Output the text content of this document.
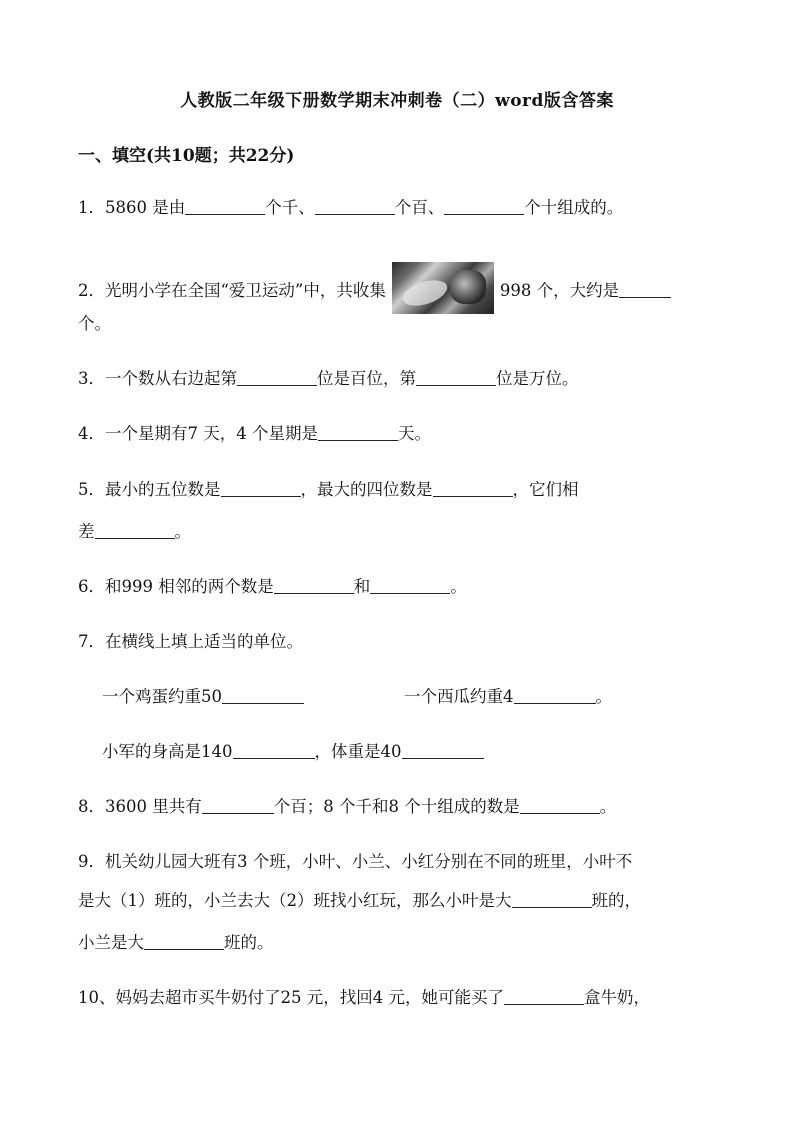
人教版二年级下册数学期末冲刺卷（二）word版含答案
一、填空(共10题；共22分)
1．5860 是由	个千、	个百、	个十组成的。
2．光明小学在全国“爱卫运动”中，共收集	998 个，大约是
个。
3．一个数从右边起第	位是百位，第	位是万位。
4．一个星期有7 天，4 个星期是	天。
5．最小的五位数是	，最大的四位数是	，它们相
差	。
6．和999 相邻的两个数是	和	。
7．在横线上填上适当的单位。
一个鸡蛋约重50	一个西瓜约重4	。
小军的身高是140	，体重是40
8．3600 里共有	个百；8 个千和8 个十组成的数是	。
9．机关幼儿园大班有3 个班，小叶、小兰、小红分别在不同的班里，小叶不
是大（1）班的，小兰去大（2）班找小红玩，那么小叶是大	班的，
小兰是大	班的。
10、妈妈去超市买牛奶付了25 元，找回4 元，她可能买了	盒牛奶，
